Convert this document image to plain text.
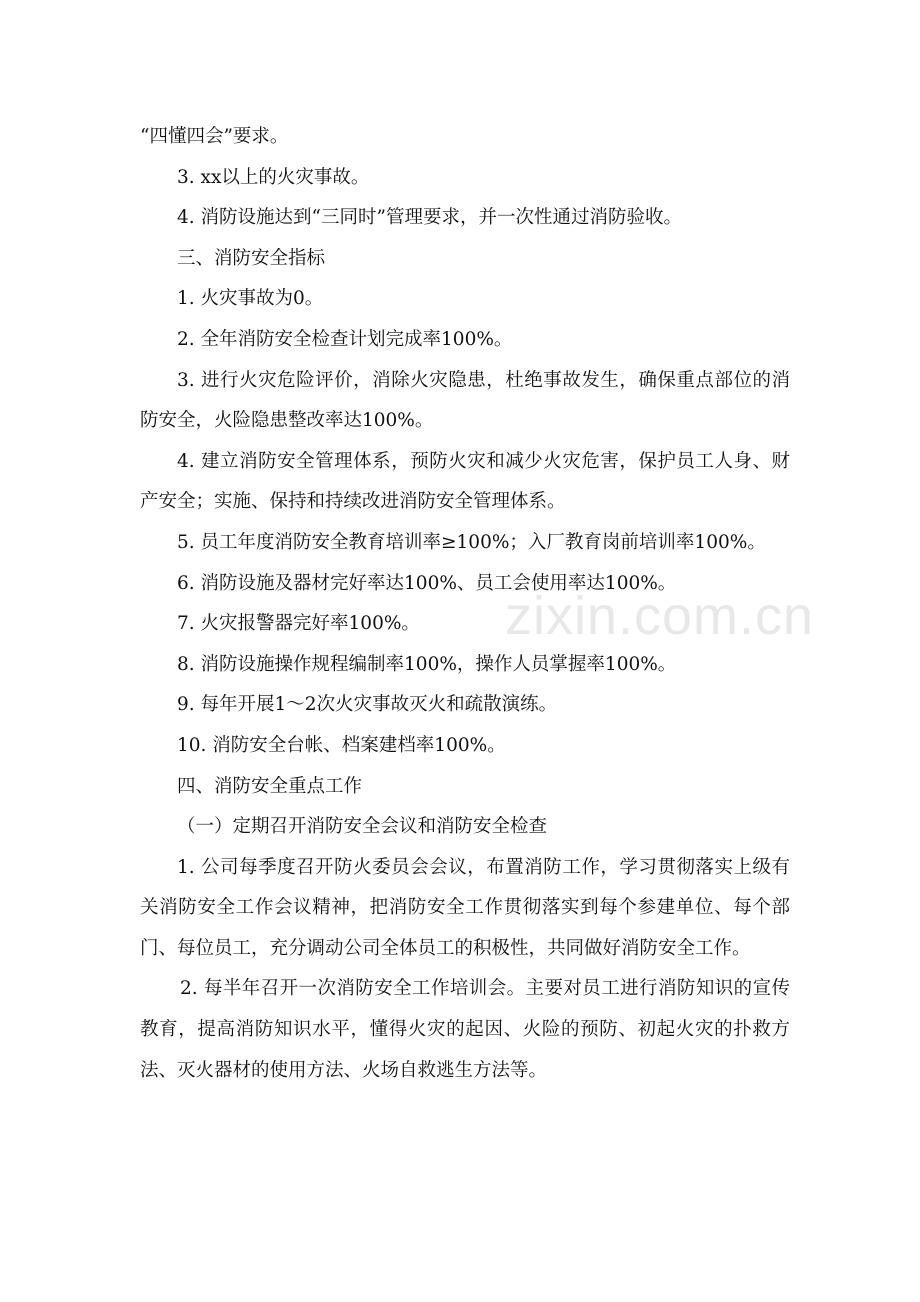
“四懂四会”要求。

3. xx以上的火灾事故。

4. 消防设施达到“三同时”管理要求，并一次性通过消防验收。

三、消防安全指标

1. 火灾事故为0。

2. 全年消防安全检查计划完成率100%。

3. 进行火灾危险评价，消除火灾隐患，杜绝事故发生，确保重点部位的消防安全，火险隐患整改率达100%。

4. 建立消防安全管理体系，预防火灾和减少火灾危害，保护员工人身、财产安全；实施、保持和持续改进消防安全管理体系。

5. 员工年度消防安全教育培训率≥100%；入厂教育岗前培训率100%。

6. 消防设施及器材完好率达100%、员工会使用率达100%。

7. 火灾报警器完好率100%。

8. 消防设施操作规程编制率100%，操作人员掌握率100%。

9. 每年开展1～2次火灾事故灭火和疏散演练。

10. 消防安全台帐、档案建档率100%。

四、消防安全重点工作

（一）定期召开消防安全会议和消防安全检查

1. 公司每季度召开防火委员会会议，布置消防工作，学习贯彻落实上级有关消防安全工作会议精神，把消防安全工作贯彻落实到每个参建单位、每个部门、每位员工，充分调动公司全体员工的积极性，共同做好消防安全工作。

2. 每半年召开一次消防安全工作培训会。主要对员工进行消防知识的宣传教育，提高消防知识水平，懂得火灾的起因、火险的预防、初起火灾的扑救方法、灭火器材的使用方法、火场自救逃生方法等。

zixin.com.cn
